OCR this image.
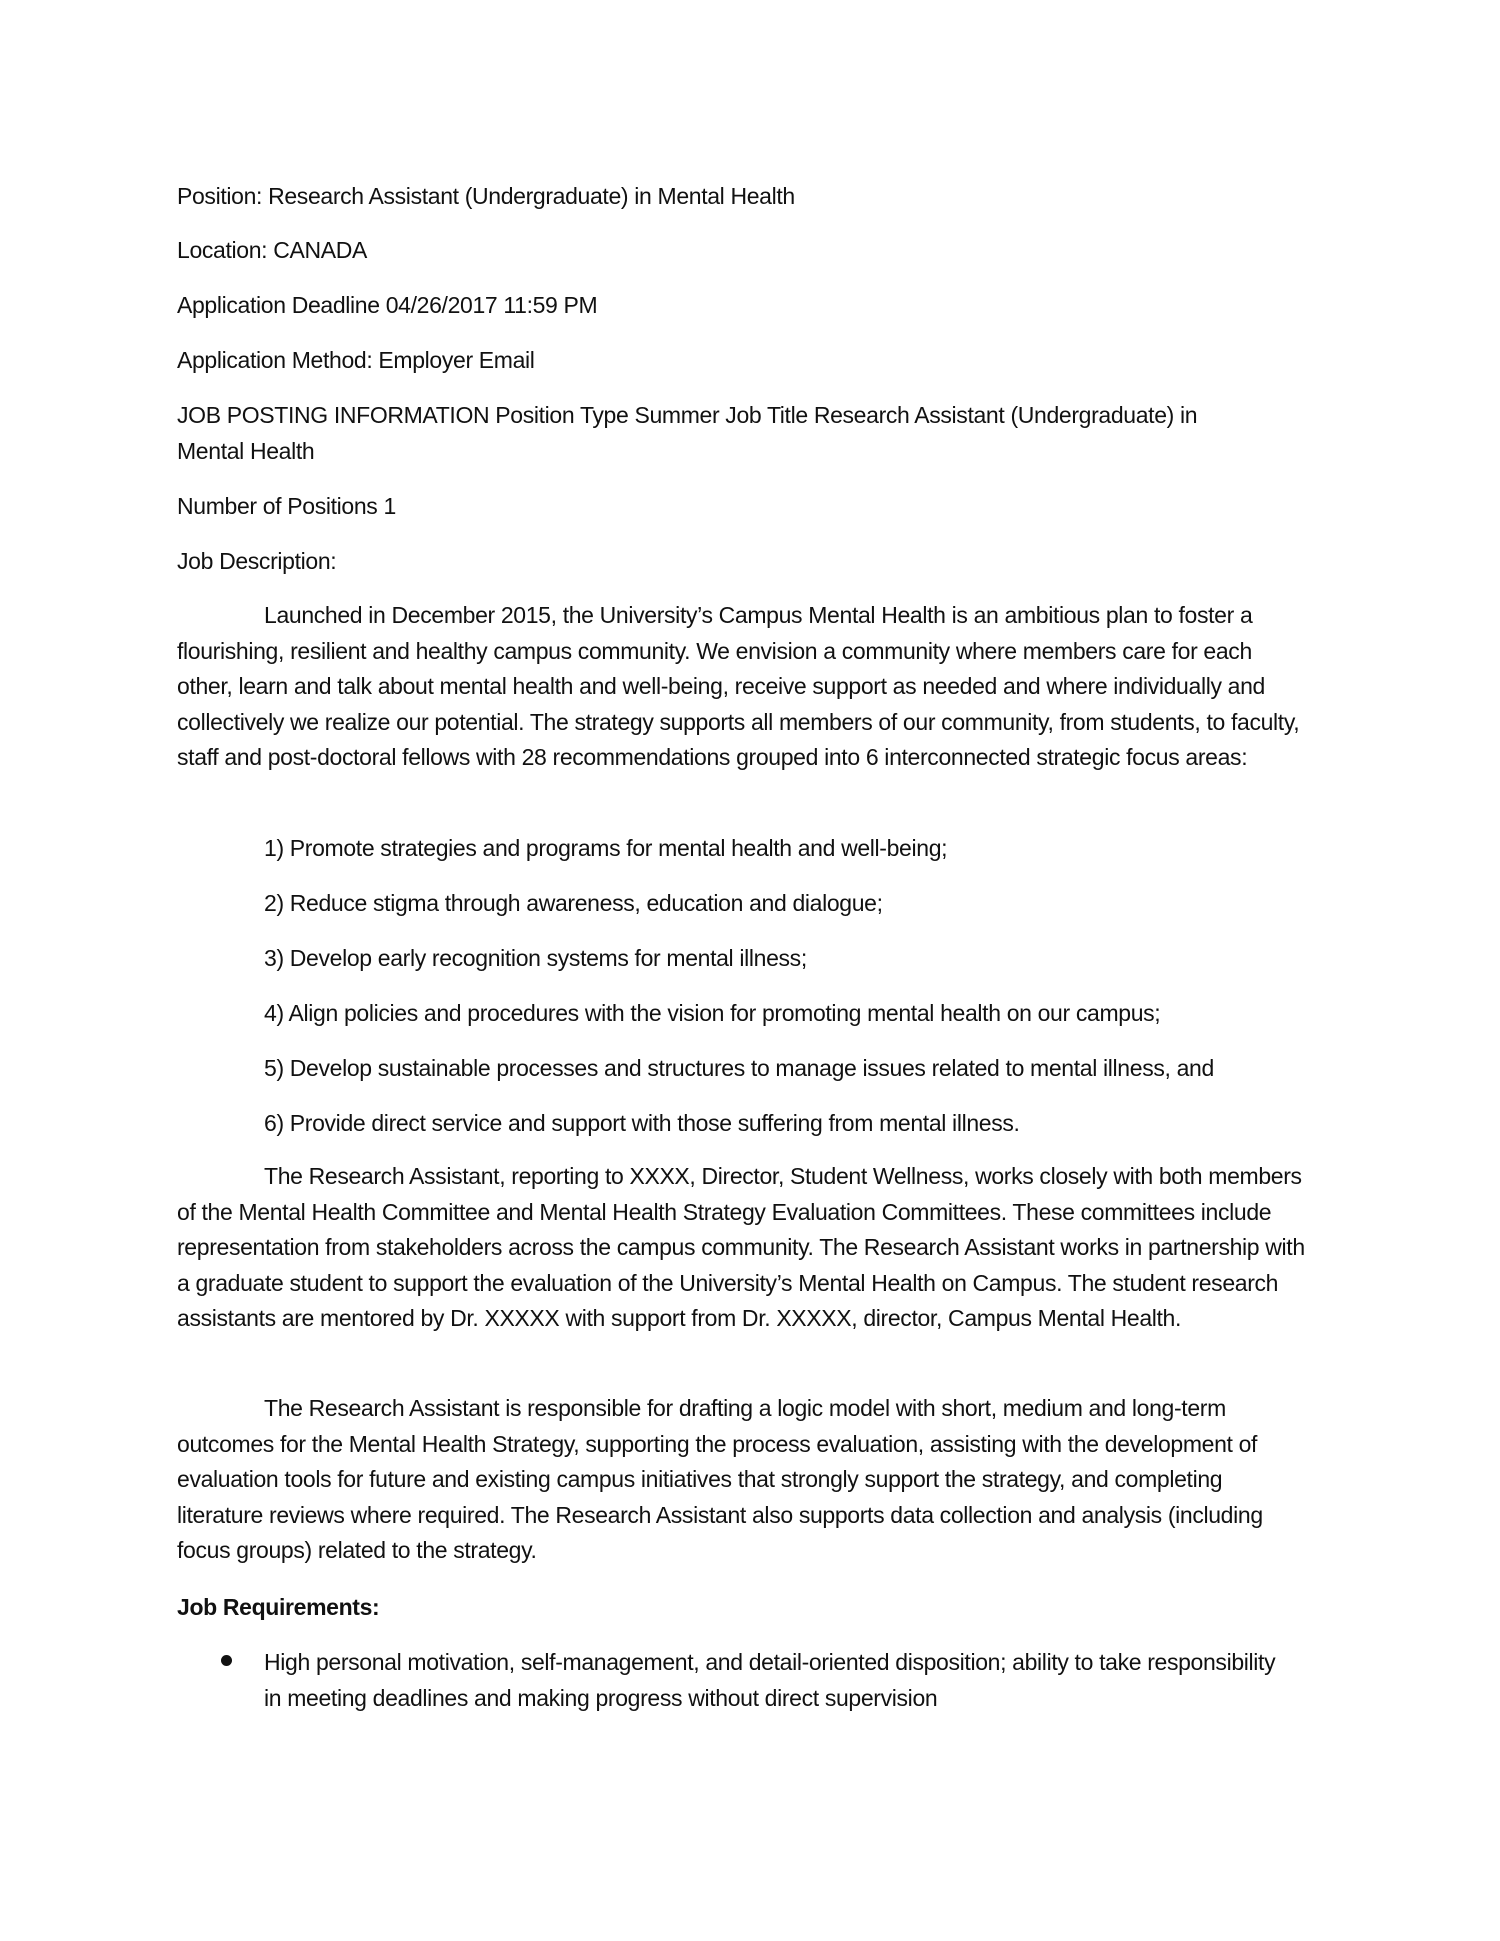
Position: Research Assistant (Undergraduate) in Mental Health
Location: CANADA
Application Deadline 04/26/2017 11:59 PM
Application Method: Employer Email
JOB POSTING INFORMATION Position Type Summer Job Title Research Assistant (Undergraduate) in
Mental Health
Number of Positions 1
Job Description:
Launched in December 2015, the University’s Campus Mental Health is an ambitious plan to foster a flourishing, resilient and healthy campus community. We envision a community where members care for each other, learn and talk about mental health and well-being, receive support as needed and where individually and collectively we realize our potential. The strategy supports all members of our community, from students, to faculty, staff and post-doctoral fellows with 28 recommendations grouped into 6 interconnected strategic focus areas:
1) Promote strategies and programs for mental health and well-being;
2) Reduce stigma through awareness, education and dialogue;
3) Develop early recognition systems for mental illness;
4) Align policies and procedures with the vision for promoting mental health on our campus;
5) Develop sustainable processes and structures to manage issues related to mental illness, and
6) Provide direct service and support with those suffering from mental illness.
The Research Assistant, reporting to XXXX, Director, Student Wellness, works closely with both members of the Mental Health Committee and Mental Health Strategy Evaluation Committees. These committees include representation from stakeholders across the campus community. The Research Assistant works in partnership with a graduate student to support the evaluation of the University’s Mental Health on Campus. The student research assistants are mentored by Dr. XXXXX with support from Dr. XXXXX, director, Campus Mental Health.
The Research Assistant is responsible for drafting a logic model with short, medium and long-term outcomes for the Mental Health Strategy, supporting the process evaluation, assisting with the development of evaluation tools for future and existing campus initiatives that strongly support the strategy, and completing literature reviews where required. The Research Assistant also supports data collection and analysis (including focus groups) related to the strategy.
Job Requirements:
High personal motivation, self-management, and detail-oriented disposition; ability to take responsibility in meeting deadlines and making progress without direct supervision
